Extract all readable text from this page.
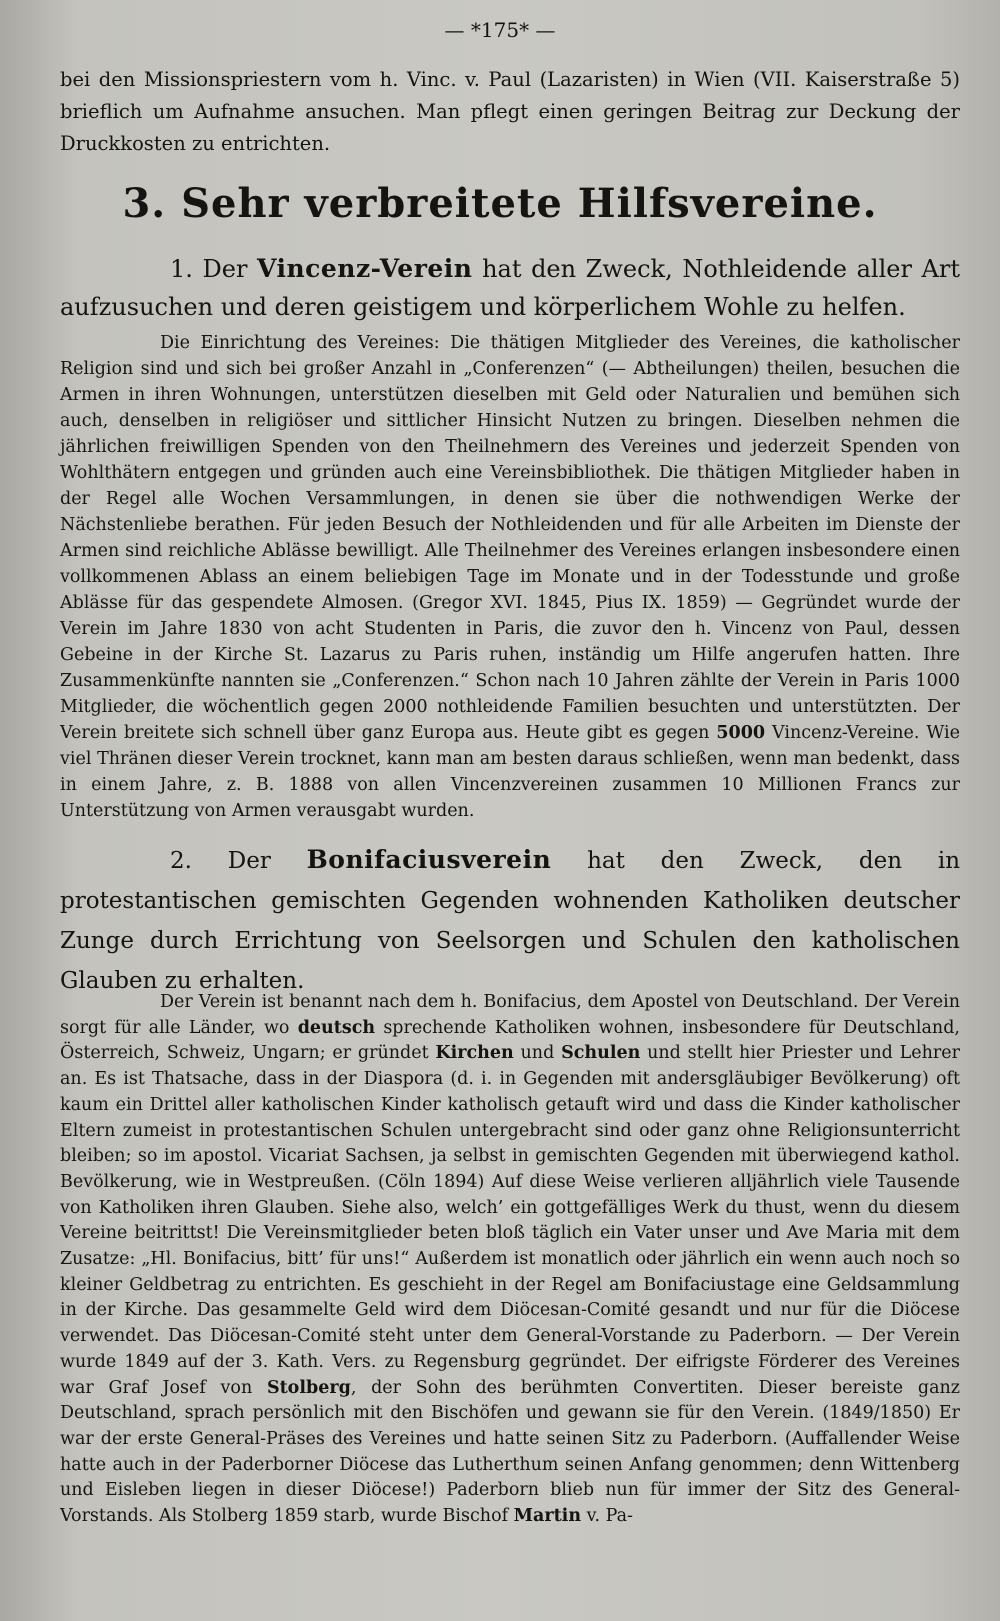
— *175* —

bei den Missionspriestern vom h. Vinc. v. Paul (Lazaristen) in Wien (VII. Kaiserstraße 5) brieflich um Aufnahme ansuchen. Man pflegt einen geringen Beitrag zur Deckung der Druckkosten zu entrichten.

3. Sehr verbreitete Hilfsvereine.

1. Der Vincenz-Verein hat den Zweck, Nothleidende aller Art aufzusuchen und deren geistigem und körperlichem Wohle zu helfen.

Die Einrichtung des Vereines: Die thätigen Mitglieder des Vereines, die katholischer Religion sind und sich bei großer Anzahl in „Conferenzen“ (— Abtheilungen) theilen, besuchen die Armen in ihren Wohnungen, unterstützen dieselben mit Geld oder Naturalien und bemühen sich auch, denselben in religiöser und sittlicher Hinsicht Nutzen zu bringen. Dieselben nehmen die jährlichen freiwilligen Spenden von den Theilnehmern des Vereines und jederzeit Spenden von Wohlthätern entgegen und gründen auch eine Vereinsbibliothek. Die thätigen Mitglieder haben in der Regel alle Wochen Versammlungen, in denen sie über die nothwendigen Werke der Nächstenliebe berathen. Für jeden Besuch der Nothleidenden und für alle Arbeiten im Dienste der Armen sind reichliche Ablässe bewilligt. Alle Theilnehmer des Vereines erlangen insbesondere einen vollkommenen Ablass an einem beliebigen Tage im Monate und in der Todesstunde und große Ablässe für das gespendete Almosen. (Gregor XVI. 1845, Pius IX. 1859) — Gegründet wurde der Verein im Jahre 1830 von acht Studenten in Paris, die zuvor den h. Vincenz von Paul, dessen Gebeine in der Kirche St. Lazarus zu Paris ruhen, inständig um Hilfe angerufen hatten. Ihre Zusammenkünfte nannten sie „Conferenzen.“ Schon nach 10 Jahren zählte der Verein in Paris 1000 Mitglieder, die wöchentlich gegen 2000 nothleidende Familien besuchten und unterstützten. Der Verein breitete sich schnell über ganz Europa aus. Heute gibt es gegen 5000 Vincenz-Vereine. Wie viel Thränen dieser Verein trocknet, kann man am besten daraus schließen, wenn man bedenkt, dass in einem Jahre, z. B. 1888 von allen Vincenzvereinen zusammen 10 Millionen Francs zur Unterstützung von Armen verausgabt wurden.

2. Der Bonifaciusverein hat den Zweck, den in protestantischen gemischten Gegenden wohnenden Katholiken deutscher Zunge durch Errichtung von Seelsorgen und Schulen den katholischen Glauben zu erhalten.

Der Verein ist benannt nach dem h. Bonifacius, dem Apostel von Deutschland. Der Verein sorgt für alle Länder, wo deutsch sprechende Katholiken wohnen, insbesondere für Deutschland, Österreich, Schweiz, Ungarn; er gründet Kirchen und Schulen und stellt hier Priester und Lehrer an. Es ist Thatsache, dass in der Diaspora (d. i. in Gegenden mit andersgläubiger Bevölkerung) oft kaum ein Drittel aller katholischen Kinder katholisch getauft wird und dass die Kinder katholischer Eltern zumeist in protestantischen Schulen untergebracht sind oder ganz ohne Religionsunterricht bleiben; so im apostol. Vicariat Sachsen, ja selbst in gemischten Gegenden mit überwiegend kathol. Bevölkerung, wie in Westpreußen. (Cöln 1894) Auf diese Weise verlieren alljährlich viele Tausende von Katholiken ihren Glauben. Siehe also, welch’ ein gottgefälliges Werk du thust, wenn du diesem Vereine beitrittst! Die Vereinsmitglieder beten bloß täglich ein Vater unser und Ave Maria mit dem Zusatze: „Hl. Bonifacius, bitt’ für uns!“ Außerdem ist monatlich oder jährlich ein wenn auch noch so kleiner Geldbetrag zu entrichten. Es geschieht in der Regel am Bonifaciustage eine Geldsammlung in der Kirche. Das gesammelte Geld wird dem Diöcesan-Comité gesandt und nur für die Diöcese verwendet. Das Diöcesan-Comité steht unter dem General-Vorstande zu Paderborn. — Der Verein wurde 1849 auf der 3. Kath. Vers. zu Regensburg gegründet. Der eifrigste Förderer des Vereines war Graf Josef von Stolberg, der Sohn des berühmten Convertiten. Dieser bereiste ganz Deutschland, sprach persönlich mit den Bischöfen und gewann sie für den Verein. (1849/1850) Er war der erste General-Präses des Vereines und hatte seinen Sitz zu Paderborn. (Auffallender Weise hatte auch in der Paderborner Diöcese das Lutherthum seinen Anfang genommen; denn Wittenberg und Eisleben liegen in dieser Diöcese!) Paderborn blieb nun für immer der Sitz des General-Vorstands. Als Stolberg 1859 starb, wurde Bischof Martin v. Pa-
